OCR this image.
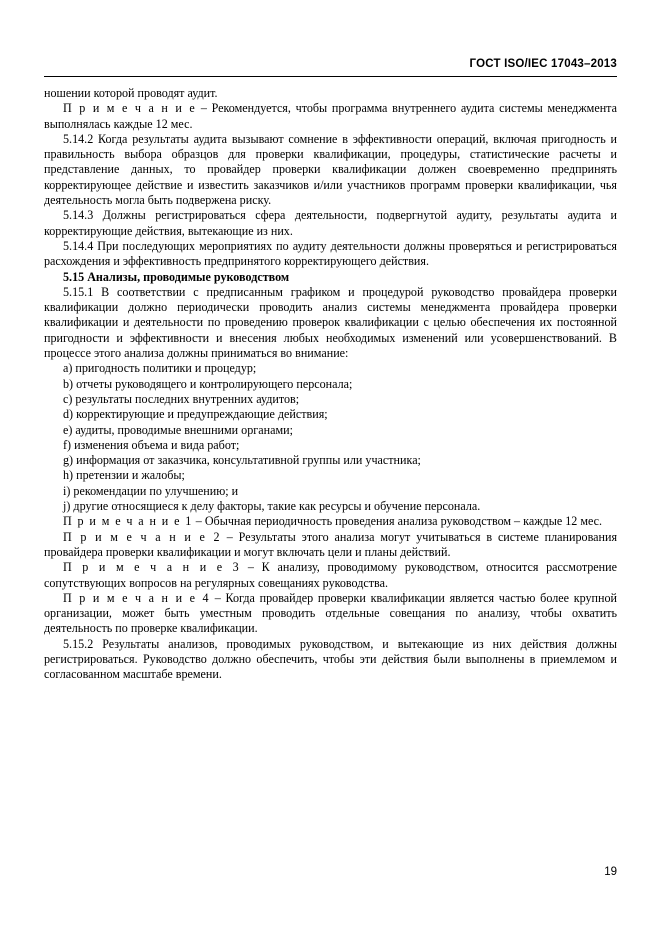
ГОСТ ISO/IEC 17043–2013

ношении которой проводят аудит.

П р и м е ч а н и е – Рекомендуется, чтобы программа внутреннего аудита системы менеджмента выполнялась каждые 12 мес.

5.14.2 Когда результаты аудита вызывают сомнение в эффективности операций, включая пригодность и правильность выбора образцов для проверки квалификации, процедуры, статистические расчеты и представление данных, то провайдер проверки квалификации должен своевременно предпринять корректирующее действие и известить заказчиков и/или участников программ проверки квалификации, чья деятельность могла быть подвержена риску.

5.14.3 Должны регистрироваться сфера деятельности, подвергнутой аудиту, результаты аудита и корректирующие действия, вытекающие из них.

5.14.4 При последующих мероприятиях по аудиту деятельности должны проверяться и регистрироваться расхождения и эффективность предпринятого корректирующего действия.

5.15 Анализы, проводимые руководством

5.15.1 В соответствии с предписанным графиком и процедурой руководство провайдера проверки квалификации должно периодически проводить анализ системы менеджмента провайдера проверки квалификации и деятельности по проведению проверок квалификации с целью обеспечения их постоянной пригодности и эффективности и внесения любых необходимых изменений или усовершенствований. В процессе этого анализа должны приниматься во внимание:

a) пригодность политики и процедур;

b) отчеты руководящего и контролирующего персонала;

c) результаты последних внутренних аудитов;

d) корректирующие и предупреждающие действия;

e) аудиты, проводимые внешними органами;

f) изменения объема и вида работ;

g) информация от заказчика, консультативной группы или участника;

h) претензии и жалобы;

i) рекомендации по улучшению; и

j) другие относящиеся к делу факторы, такие как ресурсы и обучение персонала.

П р и м е ч а н и е 1 – Обычная периодичность проведения анализа руководством – каждые 12 мес.

П р и м е ч а н и е 2 – Результаты этого анализа могут учитываться в системе планирования провайдера проверки квалификации и могут включать цели и планы действий.

П р и м е ч а н и е 3 – К анализу, проводимому руководством, относится рассмотрение сопутствующих вопросов на регулярных совещаниях руководства.

П р и м е ч а н и е 4 – Когда провайдер проверки квалификации является частью более крупной организации, может быть уместным проводить отдельные совещания по анализу, чтобы охватить деятельность по проверке квалификации.

5.15.2 Результаты анализов, проводимых руководством, и вытекающие из них действия должны регистрироваться. Руководство должно обеспечить, чтобы эти действия были выполнены в приемлемом и согласованном масштабе времени.

19
